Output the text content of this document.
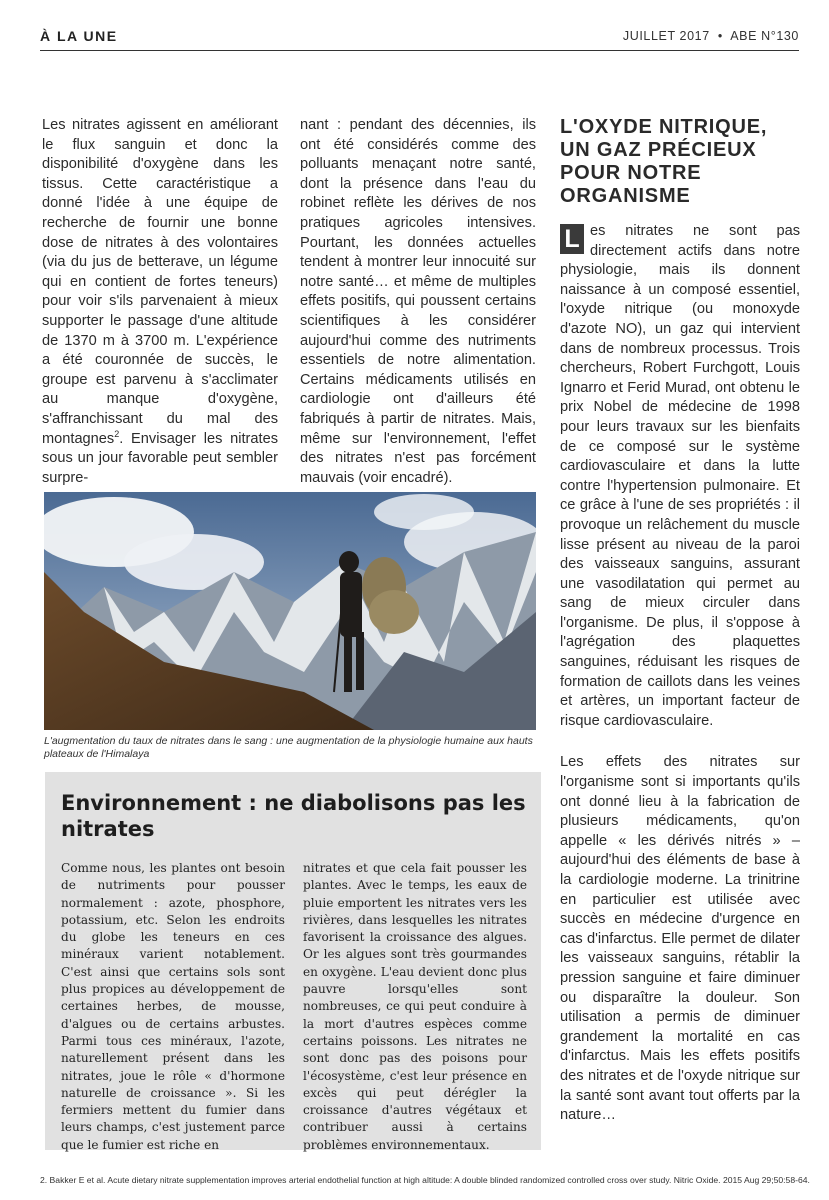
À LA UNE	JUILLET 2017 • ABE N°130

Les nitrates agissent en améliorant le flux sanguin et donc la disponibilité d'oxygène dans les tissus. Cette caractéristique a donné l'idée à une équipe de recherche de fournir une bonne dose de nitrates à des volontaires (via du jus de betterave, un légume qui en contient de fortes teneurs) pour voir s'ils parvenaient à mieux supporter le passage d'une altitude de 1370 m à 3700 m. L'expérience a été couronnée de succès, le groupe est parvenu à s'acclimater au manque d'oxygène, s'affranchissant du mal des montagnes$^2$. Envisager les nitrates sous un jour favorable peut sembler surpre-

nant : pendant des décennies, ils ont été considérés comme des polluants menaçant notre santé, dont la présence dans l'eau du robinet reflète les dérives de nos pratiques agricoles intensives. Pourtant, les données actuelles tendent à montrer leur innocuité sur notre santé… et même de multiples effets positifs, qui poussent certains scientifiques à les considérer aujourd'hui comme des nutriments essentiels de notre alimentation. Certains médicaments utilisés en cardiologie ont d'ailleurs été fabriqués à partir de nitrates. Mais, même sur l'environnement, l'effet des nitrates n'est pas forcément mauvais (voir encadré).

L'OXYDE NITRIQUE, UN GAZ PRÉCIEUX POUR NOTRE ORGANISME

L es nitrates ne sont pas directement actifs dans notre physiologie, mais ils donnent naissance à un composé essentiel, l'oxyde nitrique (ou monoxyde d'azote NO), un gaz qui intervient dans de nombreux processus. Trois chercheurs, Robert Furchgott, Louis Ignarro et Ferid Murad, ont obtenu le prix Nobel de médecine de 1998 pour leurs travaux sur les bienfaits de ce composé sur le système cardiovasculaire et dans la lutte contre l'hypertension pulmonaire. Et ce grâce à l'une de ses propriétés : il provoque un relâchement du muscle lisse présent au niveau de la paroi des vaisseaux sanguins, assurant une vasodilatation qui permet au sang de mieux circuler dans l'organisme. De plus, il s'oppose à l'agrégation des plaquettes sanguines, réduisant les risques de formation de caillots dans les veines et artères, un important facteur de risque cardiovasculaire.

Les effets des nitrates sur l'organisme sont si importants qu'ils ont donné lieu à la fabrication de plusieurs médicaments, qu'on appelle « les dérivés nitrés » – aujourd'hui des éléments de base à la cardiologie moderne. La trinitrine en particulier est utilisée avec succès en médecine d'urgence en cas d'infarctus. Elle permet de dilater les vaisseaux sanguins, rétablir la pression sanguine et faire diminuer ou disparaître la douleur. Son utilisation a permis de diminuer grandement la mortalité en cas d'infarctus. Mais les effets positifs des nitrates et de l'oxyde nitrique sur la santé sont avant tout offerts par la nature…

L'augmentation du taux de nitrates dans le sang : une augmentation de la physiologie humaine aux hauts plateaux de l'Himalaya
Environnement : ne diabolisons pas les nitrates

Comme nous, les plantes ont besoin de nutriments pour pousser normalement : azote, phosphore, potassium, etc. Selon les endroits du globe les teneurs en ces minéraux varient notablement. C'est ainsi que certains sols sont plus propices au développement de certaines herbes, de mousse, d'algues ou de certains arbustes. Parmi tous ces minéraux, l'azote, naturellement présent dans les nitrates, joue le rôle « d'hormone naturelle de croissance ». Si les fermiers mettent du fumier dans leurs champs, c'est justement parce que le fumier est riche en

nitrates et que cela fait pousser les plantes. Avec le temps, les eaux de pluie emportent les nitrates vers les rivières, dans lesquelles les nitrates favorisent la croissance des algues. Or les algues sont très gourmandes en oxygène. L'eau devient donc plus pauvre lorsqu'elles sont nombreuses, ce qui peut conduire à la mort d'autres espèces comme certains poissons. Les nitrates ne sont donc pas des poisons pour l'écosystème, c'est leur présence en excès qui peut dérégler la croissance d'autres végétaux et contribuer aussi à certains problèmes environnementaux.

2. Bakker E et al. Acute dietary nitrate supplementation improves arterial endothelial function at high altitude: A double blinded randomized controlled cross over study. Nitric Oxide. 2015 Aug 29;50:58-64.
